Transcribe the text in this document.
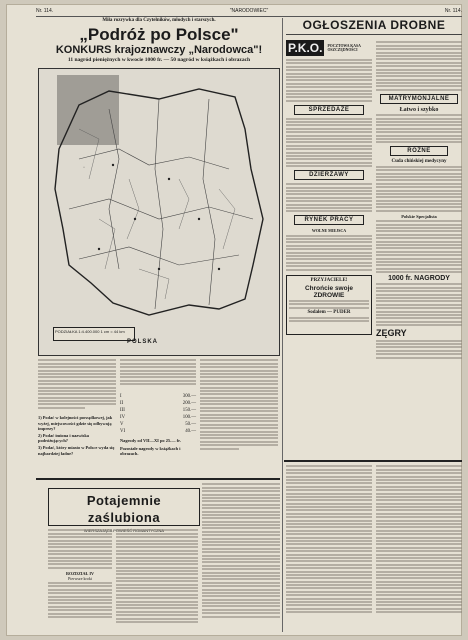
Nr. 114.	"NARODOWIEC"	Nr. 114.
Miła rozrywka dla Czytelników, młodych i starszych.
„Podróż po Polsce"
KONKURS krajoznawczy „Narodowca"!
11 nagród pieniężnych w kwocie 1000 fr. — 50 nagród w książkach i obrazach
·
PODZIAŁKA 1:4.400.000 1 cm = 44 km
POLSKA
1) Podać w kolejności porządkowej, jak wyżej, miejscowości gdzie się odbywają imprezy?
2) Podać imiona i nazwiska podróżujących?
3) Podać, który miasto w Polsce wyda się najbardziej ładne?
I	300.—
II	200.—
III	150.—
IV	100.—
V	50.—
VI	40.—
Nagrody od VII—XI po 25.— fr.
Pozostałe nagrody w książkach i obrazach.
Potajemnie zaślubiona
ROZDZIAŁ IV
Pierwsze kroki
OGŁOSZENIA DROBNE
P.K.O.	POCZTOWA KASA OSZCZĘDNOŚCI
SPRZEDAŻE
DZIERŻAWY
RYNEK PRACY
WOLNE MIEJSCA
PRZYJACIELE!
Chrońcie swoje ZDROWIE
Sodalem — PUDER
MATRYMONJALNE
Łatwo i szybko
RÓŻNE
Cuda chińskiej medycyny
Polskie Specjalista
1000 fr. NAGRODY
ZĘGRY
